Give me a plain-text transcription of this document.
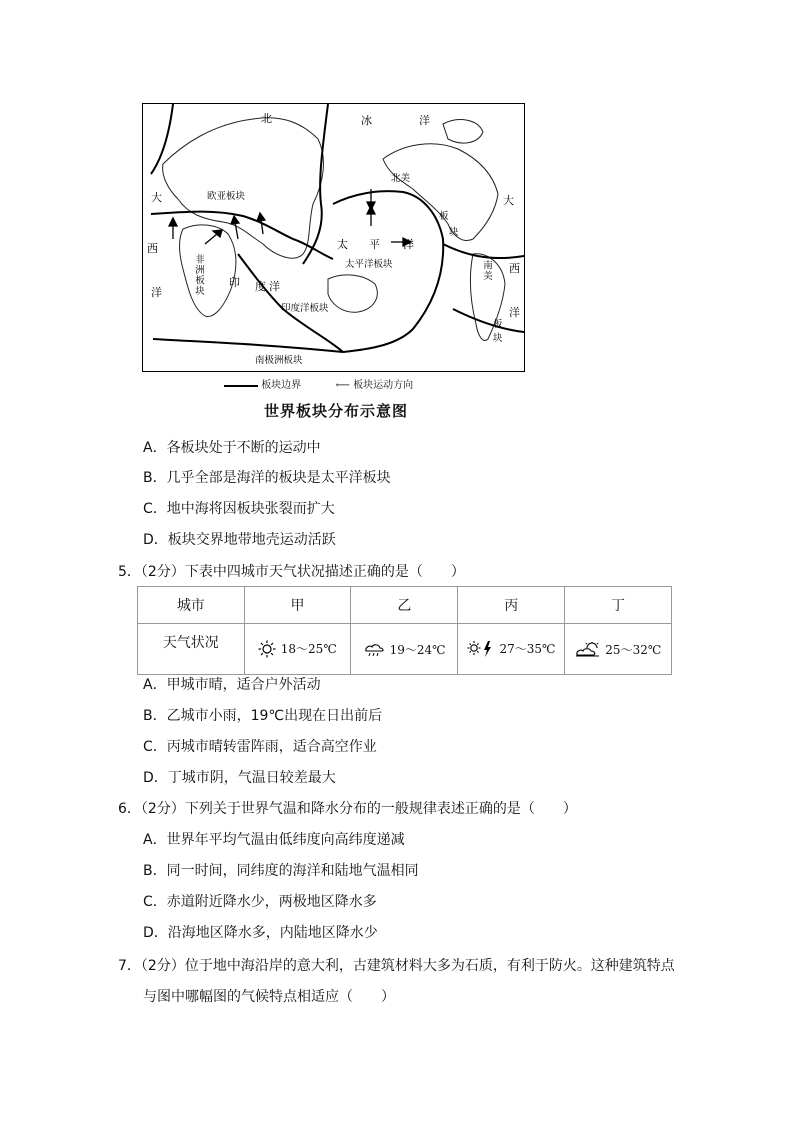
北	冰	洋
欧亚板块
大
西
洋	非洲板块 印 度 洋
印度洋板块
太 平 洋
太平洋板块
北美
板
块
大
南美 西
洋
板
块
南极洲板块
板块边界	⟵ 板块运动方向
世界板块分布示意图
A．各板块处于不断的运动中
B．几乎全部是海洋的板块是太平洋板块
C．地中海将因板块张裂而扩大
D．板块交界地带地壳运动活跃
5．（2分）下表中四城市天气状况描述正确的是（　　）
城市	甲	乙	丙	丁
天气状况	18～25℃	19～24℃	27～35℃	25～32℃
A．甲城市晴，适合户外活动
B．乙城市小雨，19℃出现在日出前后
C．丙城市晴转雷阵雨，适合高空作业
D．丁城市阴，气温日较差最大
6．（2分）下列关于世界气温和降水分布的一般规律表述正确的是（　　）
A．世界年平均气温由低纬度向高纬度递减
B．同一时间，同纬度的海洋和陆地气温相同
C．赤道附近降水少，两极地区降水多
D．沿海地区降水多，内陆地区降水少
7．（2分）位于地中海沿岸的意大利，古建筑材料大多为石质，有利于防火。这种建筑特点
与图中哪幅图的气候特点相适应（　　）
